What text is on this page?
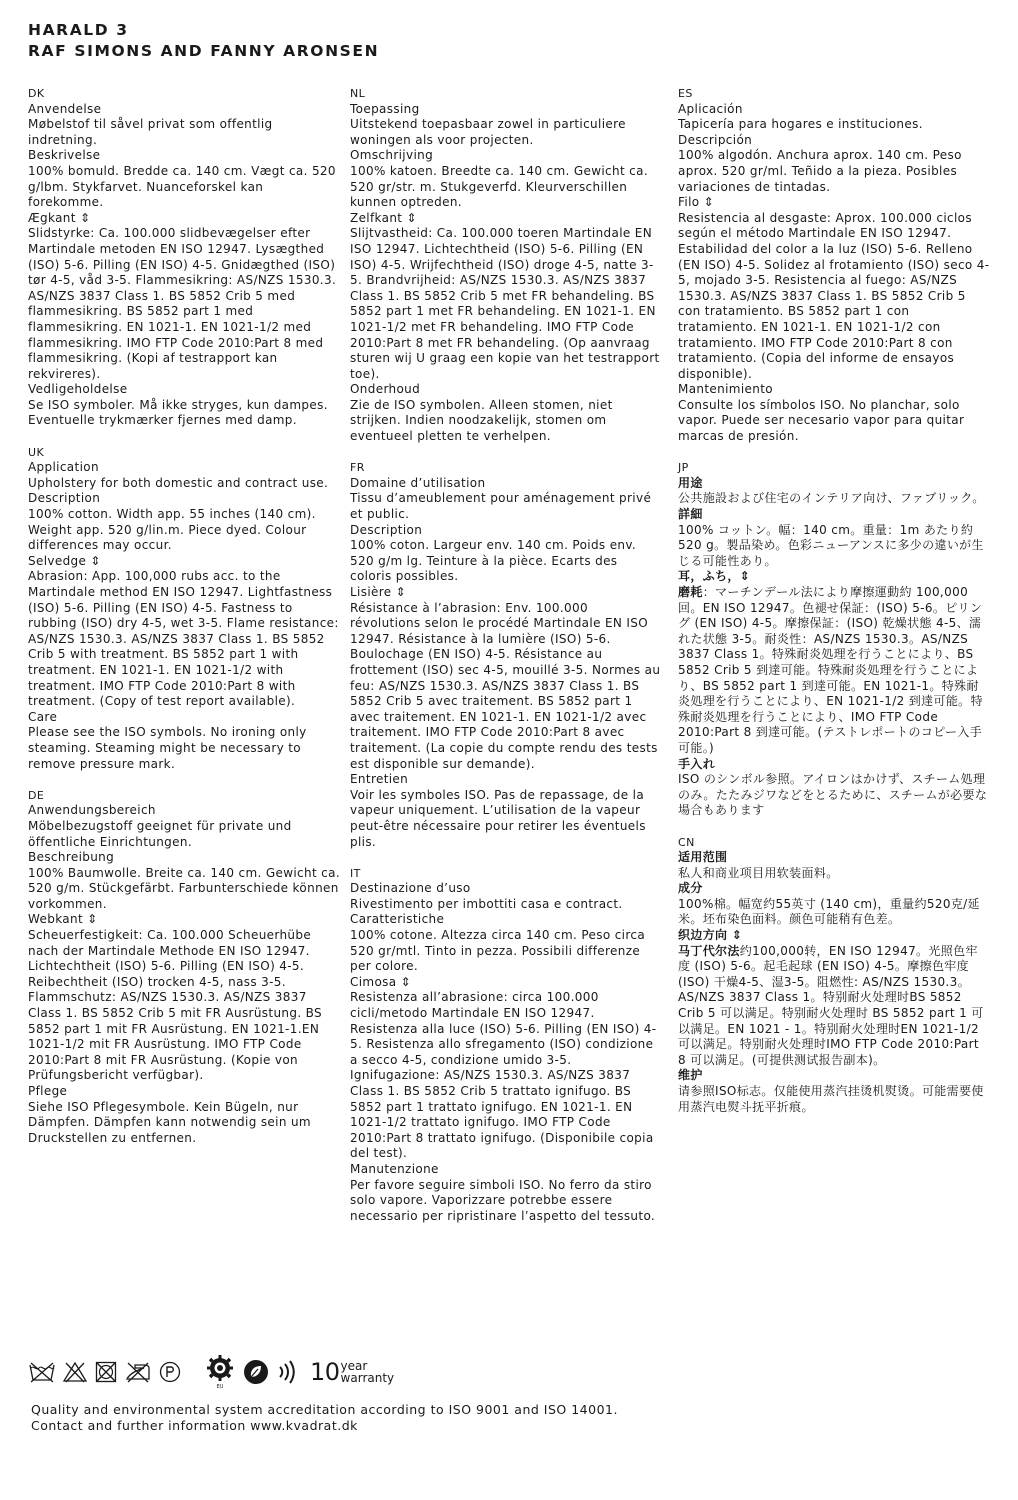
HARALD 3
RAF SIMONS AND FANNY ARONSEN

DK

Anvendelse

Møbelstof til såvel privat som offentlig indretning.

Beskrivelse

100% bomuld. Bredde ca. 140 cm. Vægt ca. 520 g/lbm. Stykfarvet. Nuanceforskel kan forekomme.

Ægkant ⇕

Slidstyrke: Ca. 100.000 slidbevægelser efter Martindale metoden EN ISO 12947. Lysægthed (ISO) 5-6. Pilling (EN ISO) 4-5. Gnidægthed (ISO) tør 4-5, våd 3-5. Flammesikring: AS/NZS 1530.3. AS/NZS 3837 Class 1. BS 5852 Crib 5 med flammesikring. BS 5852 part 1 med flammesikring. EN 1021-1. EN 1021-1/2 med flammesikring. IMO FTP Code 2010:Part 8 med flammesikring. (Kopi af testrapport kan rekvireres).

Vedligeholdelse

Se ISO symboler. Må ikke stryges, kun dampes. Eventuelle trykmærker fjernes med damp.

UK

Application

Upholstery for both domestic and contract use.

Description

100% cotton. Width app. 55 inches (140 cm). Weight app. 520 g/lin.m. Piece dyed. Colour differences may occur.

Selvedge ⇕

Abrasion: App. 100,000 rubs acc. to the Martindale method EN ISO 12947. Lightfastness (ISO) 5-6. Pilling (EN ISO) 4-5. Fastness to rubbing (ISO) dry 4-5, wet 3-5. Flame resistance: AS/NZS 1530.3. AS/NZS 3837 Class 1. BS 5852 Crib 5 with treatment. BS 5852 part 1 with treatment. EN 1021-1. EN 1021-1/2 with treatment. IMO FTP Code 2010:Part 8 with treatment. (Copy of test report available).

Care

Please see the ISO symbols. No ironing only steaming. Steaming might be necessary to remove pressure mark.

DE

Anwendungsbereich

Möbelbezugstoff geeignet für private und öffentliche Einrichtungen.

Beschreibung

100% Baumwolle. Breite ca. 140 cm. Gewicht ca. 520 g/m. Stückgefärbt. Farbunterschiede können vorkommen.

Webkant ⇕

Scheuerfestigkeit: Ca. 100.000 Scheuerhübe nach der Martindale Methode EN ISO 12947. Lichtechtheit (ISO) 5-6. Pilling (EN ISO) 4-5. Reibechtheit (ISO) trocken 4-5, nass 3-5. Flammschutz: AS/NZS 1530.3. AS/NZS 3837 Class 1. BS 5852 Crib 5 mit FR Ausrüstung. BS 5852 part 1 mit FR Ausrüstung. EN 1021-1.EN 1021-1/2 mit FR Ausrüstung. IMO FTP Code 2010:Part 8 mit FR Ausrüstung. (Kopie von Prüfungsbericht verfügbar).

Pflege

Siehe ISO Pflegesymbole. Kein Bügeln, nur Dämpfen. Dämpfen kann notwendig sein um Druckstellen zu entfernen.

NL

Toepassing

Uitstekend toepasbaar zowel in particuliere woningen als voor projecten.

Omschrijving

100% katoen. Breedte ca. 140 cm. Gewicht ca. 520 gr/str. m. Stukgeverfd. Kleurverschillen kunnen optreden.

Zelfkant ⇕

Slijtvastheid: Ca. 100.000 toeren Martindale EN ISO 12947. Lichtechtheid (ISO) 5-6. Pilling (EN ISO) 4-5. Wrijfechtheid (ISO) droge 4-5, natte 3-5. Brandvrijheid: AS/NZS 1530.3. AS/NZS 3837 Class 1. BS 5852 Crib 5 met FR behandeling. BS 5852 part 1 met FR behandeling. EN 1021-1. EN 1021-1/2 met FR behandeling. IMO FTP Code 2010:Part 8 met FR behandeling. (Op aanvraag sturen wij U graag een kopie van het testrapport toe).

Onderhoud

Zie de ISO symbolen. Alleen stomen, niet strijken. Indien noodzakelijk, stomen om eventueel pletten te verhelpen.

FR

Domaine d’utilisation

Tissu d’ameublement pour aménagement privé et public.

Description

100% coton. Largeur env. 140 cm. Poids env. 520 g/m lg. Teinture à la pièce. Ecarts des coloris possibles.

Lisière ⇕

Résistance à l’abrasion: Env. 100.000 révolutions selon le procédé Martindale EN ISO 12947. Résistance à la lumière (ISO) 5-6. Boulochage (EN ISO) 4-5. Résistance au frottement (ISO) sec 4-5, mouillé 3-5. Normes au feu: AS/NZS 1530.3. AS/NZS 3837 Class 1. BS 5852 Crib 5 avec traitement. BS 5852 part 1 avec traitement. EN 1021-1. EN 1021-1/2 avec traitement. IMO FTP Code 2010:Part 8 avec traitement. (La copie du compte rendu des tests est disponible sur demande).

Entretien

Voir les symboles ISO. Pas de repassage, de la vapeur uniquement. L’utilisation de la vapeur peut-être nécessaire pour retirer les éventuels plis.

IT

Destinazione d’uso

Rivestimento per imbottiti casa e contract.

Caratteristiche

100% cotone. Altezza circa 140 cm. Peso circa 520 gr/mtl. Tinto in pezza. Possibili differenze per colore.

Cimosa ⇕

Resistenza all’abrasione: circa 100.000 cicli/metodo Martindale EN ISO 12947. Resistenza alla luce (ISO) 5-6. Pilling (EN ISO) 4-5. Resistenza allo sfregamento (ISO) condizione a secco 4-5, condizione umido 3-5. Ignifugazione: AS/NZS 1530.3. AS/NZS 3837 Class 1. BS 5852 Crib 5 trattato ignifugo. BS 5852 part 1 trattato ignifugo. EN 1021-1. EN 1021-1/2 trattato ignifugo. IMO FTP Code 2010:Part 8 trattato ignifugo. (Disponibile copia del test).

Manutenzione

Per favore seguire simboli ISO. No ferro da stiro solo vapore. Vaporizzare potrebbe essere necessario per ripristinare l’aspetto del tessuto.

ES

Aplicación

Tapicería para hogares e instituciones.

Descripción

100% algodón. Anchura aprox. 140 cm. Peso aprox. 520 gr/ml. Teñido a la pieza. Posibles variaciones de tintadas.

Filo ⇕

Resistencia al desgaste: Aprox. 100.000 ciclos según el método Martindale EN ISO 12947. Estabilidad del color a la luz (ISO) 5-6. Relleno (EN ISO) 4-5. Solidez al frotamiento (ISO) seco 4-5, mojado 3-5. Resistencia al fuego: AS/NZS 1530.3. AS/NZS 3837 Class 1. BS 5852 Crib 5 con tratamiento. BS 5852 part 1 con tratamiento. EN 1021-1. EN 1021-1/2 con tratamiento. IMO FTP Code 2010:Part 8 con tratamiento. (Copia del informe de ensayos disponible).

Mantenimiento

Consulte los símbolos ISO. No planchar, solo vapor. Puede ser necesario vapor para quitar marcas de presión.

JP

用途

公共施設および住宅のインテリア向け、ファブリック。

詳細

100% コットン。幅：140 cm。重量：1m あたり約 520 g。製品染め。色彩ニューアンスに多少の違いが生じる可能性あり。

耳，ふち，⇕

磨耗：マーチンデール法により摩擦運動約 100,000 回。EN ISO 12947。色褪せ保証：(ISO) 5-6。ピリング (EN ISO) 4-5。摩擦保証：(ISO) 乾燥状態 4-5、濡れた状態 3-5。耐炎性：AS/NZS 1530.3。AS/NZS 3837 Class 1。特殊耐炎処理を行うことにより、BS 5852 Crib 5 到達可能。特殊耐炎処理を行うことにより、BS 5852 part 1 到達可能。EN 1021-1。特殊耐炎処理を行うことにより、EN 1021-1/2 到達可能。特殊耐炎処理を行うことにより、IMO FTP Code 2010:Part 8 到達可能。(テストレポートのコピー入手可能。)

手入れ

ISO のシンボル参照。アイロンはかけず、スチーム処理のみ。たたみジワなどをとるために、スチームが必要な場合もあります

CN

适用范围

私人和商业项目用软装面料。

成分

100%棉。幅宽约55英寸 (140 cm)，重量约520克/延米。坯布染色面料。颜色可能稍有色差。

织边方向 ⇕

马丁代尔法约100,000转，EN ISO 12947。光照色牢度 (ISO) 5-6。起毛起球 (EN ISO) 4-5。摩擦色牢度 (ISO) 干燥4-5、湿3-5。阻燃性: AS/NZS 1530.3。AS/NZS 3837 Class 1。特别耐火处理时BS 5852 Crib 5 可以满足。特别耐火处理时 BS 5852 part 1 可以满足。EN 1021 - 1。特别耐火处理时EN 1021-1/2 可以满足。特别耐火处理时IMO FTP Code 2010:Part 8 可以满足。(可提供测试报告副本)。

维护

请参照ISO标志。仅能使用蒸汽挂烫机熨烫。可能需要使用蒸汽电熨斗抚平折痕。

EU
10 year
warranty
Quality and environmental system accreditation according to ISO 9001 and ISO 14001.
Contact and further information www.kvadrat.dk
